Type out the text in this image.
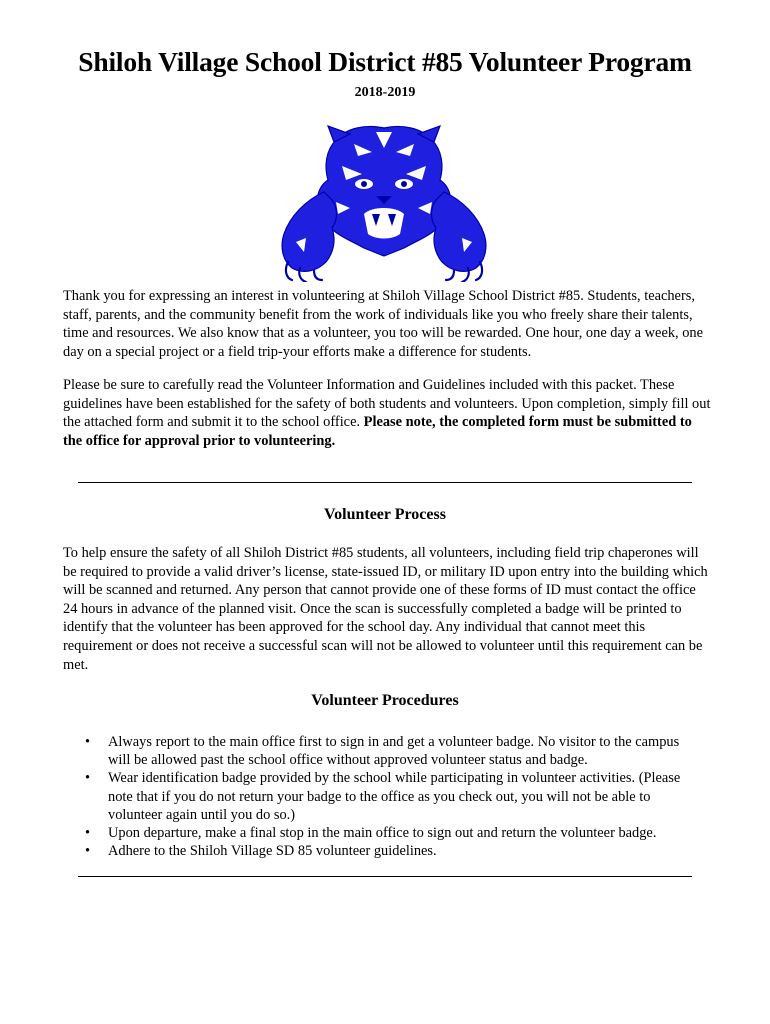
Shiloh Village School District #85 Volunteer Program
2018-2019

Thank you for expressing an interest in volunteering at Shiloh Village School District #85. Students, teachers, staff, parents, and the community benefit from the work of individuals like you who freely share their talents, time and resources. We also know that as a volunteer, you too will be rewarded. One hour, one day a week, one day on a special project or a field trip-your efforts make a difference for students.

Please be sure to carefully read the Volunteer Information and Guidelines included with this packet. These guidelines have been established for the safety of both students and volunteers. Upon completion, simply fill out the attached form and submit it to the school office. Please note, the completed form must be submitted to the office for approval prior to volunteering.

Volunteer Process

To help ensure the safety of all Shiloh District #85 students, all volunteers, including field trip chaperones will be required to provide a valid driver’s license, state-issued ID, or military ID upon entry into the building which will be scanned and returned. Any person that cannot provide one of these forms of ID must contact the office 24 hours in advance of the planned visit. Once the scan is successfully completed a badge will be printed to identify that the volunteer has been approved for the school day. Any individual that cannot meet this requirement or does not receive a successful scan will not be allowed to volunteer until this requirement can be met.

Volunteer Procedures
• Always report to the main office first to sign in and get a volunteer badge. No visitor to the campus will be allowed past the school office without approved volunteer status and badge.
• Wear identification badge provided by the school while participating in volunteer activities. (Please note that if you do not return your badge to the office as you check out, you will not be able to volunteer again until you do so.)
• Upon departure, make a final stop in the main office to sign out and return the volunteer badge.
• Adhere to the Shiloh Village SD 85 volunteer guidelines.
